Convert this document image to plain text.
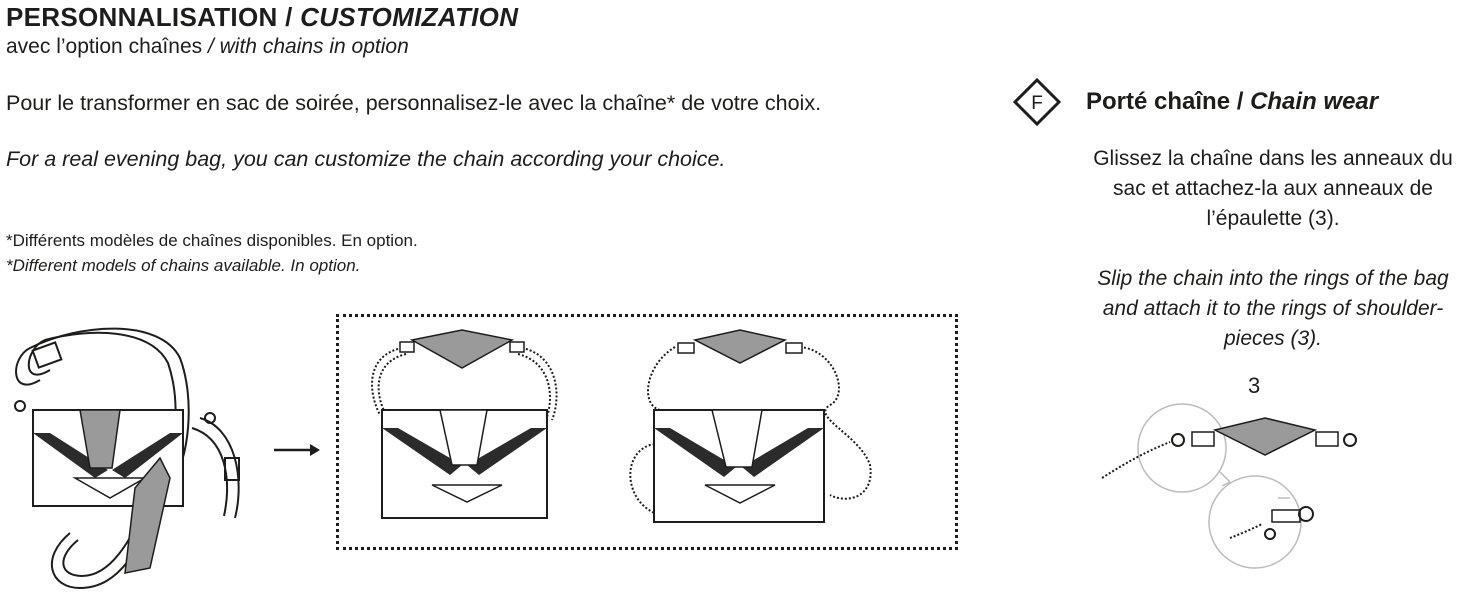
PERSONNALISATION / CUSTOMIZATION
avec l’option chaînes / with chains in option
Pour le transformer en sac de soirée, personnalisez-le avec la chaîne* de votre choix.
For a real evening bag, you can customize the chain according your choice.
*Différents modèles de chaînes disponibles. En option.
*Different models of chains available. In option.
F Porté chaîne / Chain wear
Glissez la chaîne dans les anneaux du sac et attachez-la aux anneaux de l’épaulette (3).
Slip the chain into the rings of the bag and attach it to the rings of shoulder-pieces (3).
3
